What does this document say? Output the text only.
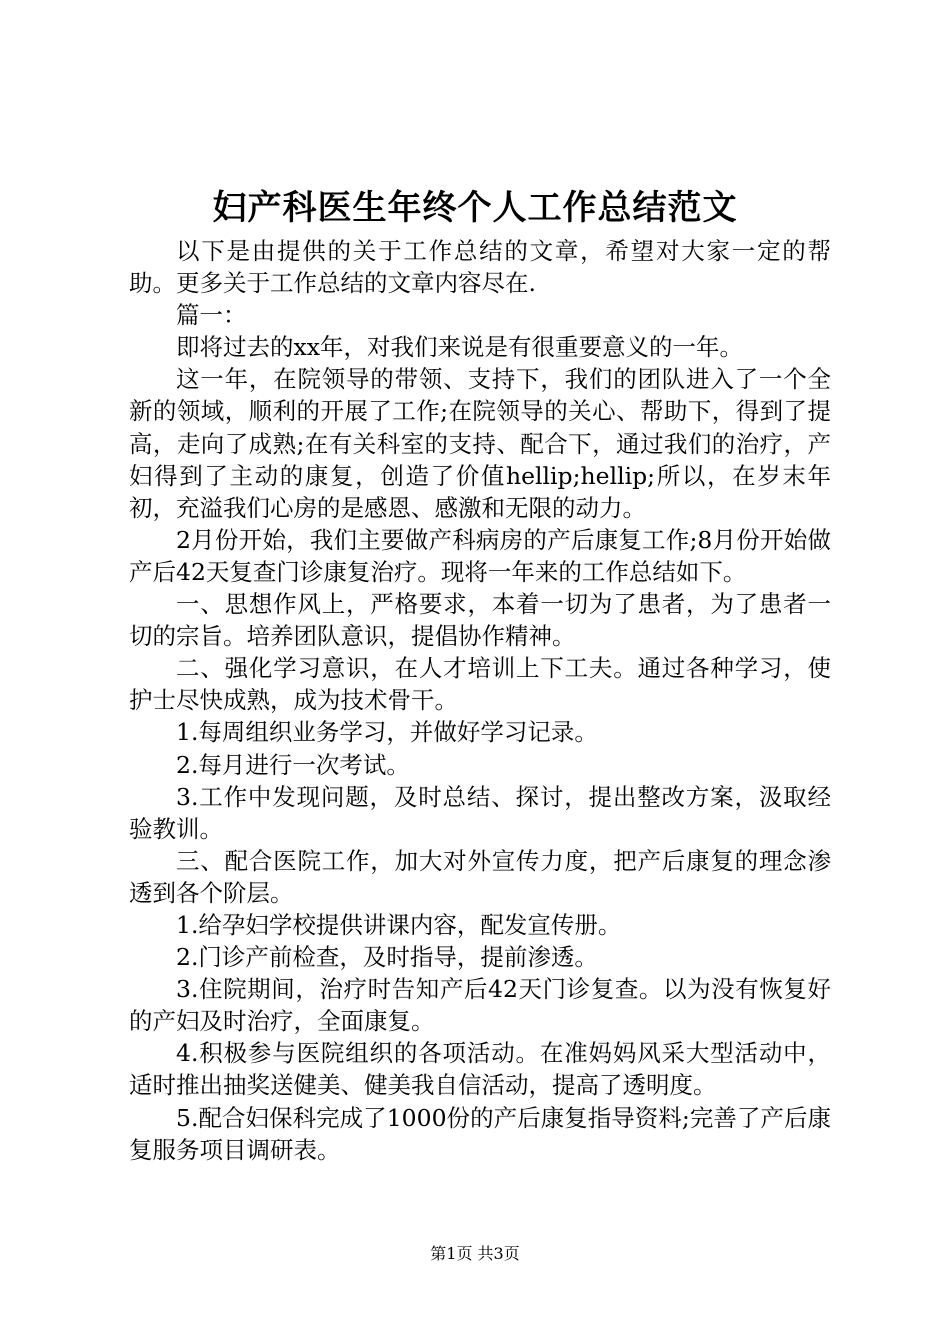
妇产科医生年终个人工作总结范文

以下是由提供的关于工作总结的文章，希望对大家一定的帮助。更多关于工作总结的文章内容尽在.

篇一：

即将过去的xx年，对我们来说是有很重要意义的一年。

这一年，在院领导的带领、支持下，我们的团队进入了一个全新的领域，顺利的开展了工作;在院领导的关心、帮助下，得到了提高，走向了成熟;在有关科室的支持、配合下，通过我们的治疗，产妇得到了主动的康复，创造了价值hellip;hellip;所以，在岁末年初，充溢我们心房的是感恩、感激和无限的动力。

2月份开始，我们主要做产科病房的产后康复工作;8月份开始做产后42天复查门诊康复治疗。现将一年来的工作总结如下。

一、思想作风上，严格要求，本着一切为了患者，为了患者一切的宗旨。培养团队意识，提倡协作精神。

二、强化学习意识，在人才培训上下工夫。通过各种学习，使护士尽快成熟，成为技术骨干。

1.每周组织业务学习，并做好学习记录。

2.每月进行一次考试。

3.工作中发现问题，及时总结、探讨，提出整改方案，汲取经验教训。

三、配合医院工作，加大对外宣传力度，把产后康复的理念渗透到各个阶层。

1.给孕妇学校提供讲课内容，配发宣传册。

2.门诊产前检查，及时指导，提前渗透。

3.住院期间，治疗时告知产后42天门诊复查。以为没有恢复好的产妇及时治疗，全面康复。

4.积极参与医院组织的各项活动。在准妈妈风采大型活动中，适时推出抽奖送健美、健美我自信活动，提高了透明度。

5.配合妇保科完成了1000份的产后康复指导资料;完善了产后康复服务项目调研表。

第1页 共3页
